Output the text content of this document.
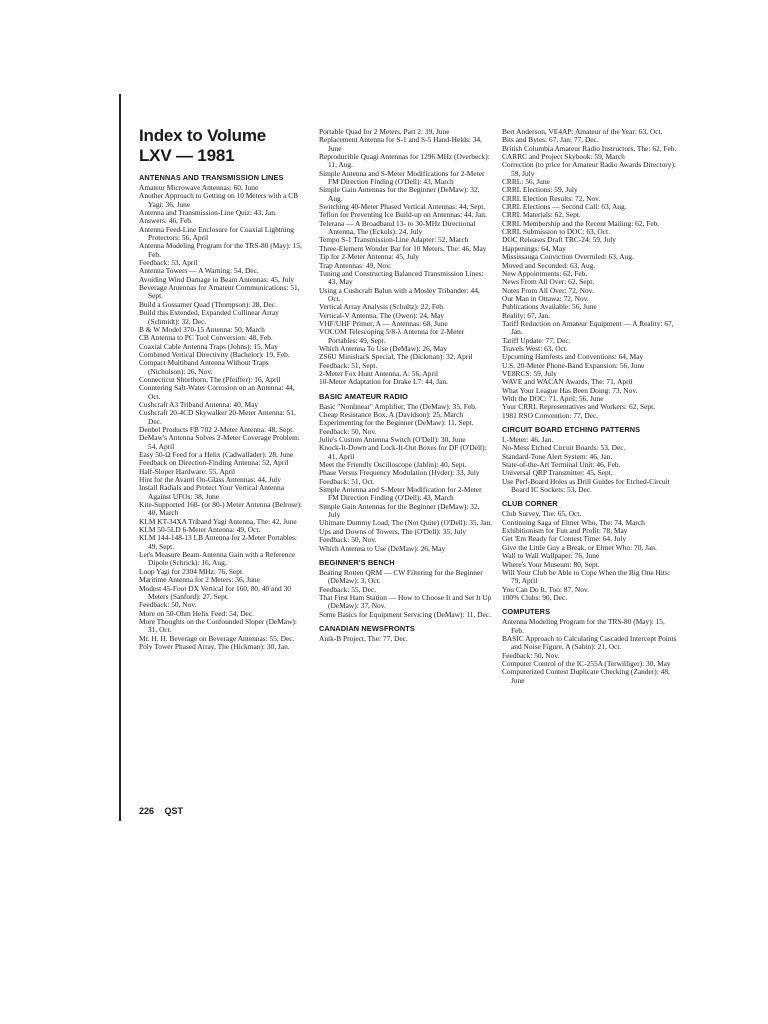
Index to Volume
LXV — 1981
ANTENNAS AND TRANSMISSION LINES
Amateur Microwave Antennas: 60, June
Another Approach to Getting on 10 Meters with a CB Yagi: 36, June
Antenna and Transmission-Line Quiz: 43, Jan.
Answers: 46, Feb.
Antenna Feed-Line Enclosure for Coaxial Lightning Protectors: 56, April
Antenna Modeling Program for the TRS-80 (May): 15, Feb.
Feedback: 53, April
Antenna Towers — A Warning: 54, Dec.
Avoiding Wind Damage to Beam Antennas: 45, July
Beverage Antennas for Amateur Communications: 51, Sept.
Build a Gossamer Quad (Thompson): 28, Dec.
Build this Extended, Expanded Collinear Array (Schmidt): 32, Dec.
B & W Model 370-15 Antenna: 50, March
CB Antenna to PC Tool Conversion: 48, Feb.
Coaxial Cable Antenna Traps (Johns): 15, May
Combined Vertical Directivity (Bachelor): 19, Feb.
Compact Multiband Antenna Without Traps (Nicholson): 26, Nov.
Connecticut Shorthorn, The (Pfeiffer): 16, April
Countering Salt-Water Corrosion on an Antenna: 44, Oct.
Cushcraft A3 Triband Antenna: 40, May
Cushcraft 20-4CD Skywalker 20-Meter Antenna: 51, Dec.
Denbel Products FB 702 2-Meter Antenna: 48, Sept.
DeMaw's Antenna Solves 2-Meter Coverage Problem: 54, April
Easy 50-Ω Feed for a Helix (Cadwallader): 28, June
Feedback on Direction-Finding Antenna: 52, April
Half-Sloper Hardware: 55, April
Hint for the Avanti On-Glass Antennas: 44, July
Install Radials and Protect Your Vertical Antenna Against UFOs: 38, June
Kite-Supported 160- (or 80-) Meter Antenna (Belrose): 40, March
KLM KT-34XA Triband Yagi Antenna, The: 42, June
KLM 50-5LD 6-Meter Antenna: 49, Oct.
KLM 144-148-13 LB Antenna for 2-Meter Portables: 49, Sept.
Let's Measure Beam-Antenna Gain with a Reference Dipole (Schrick): 16, Aug.
Loop Yagi for 2304 MHz: 76, Sept.
Maritime Antenna for 2 Meters: 36, June
Modest 45-Foot DX Vertical for 160, 80, 40 and 30 Meters (Sanford): 27, Sept.
Feedback: 50, Nov.
More on 50-Ohm Helix Feed: 54, Dec.
More Thoughts on the Confounded Sloper (DeMaw): 31, Oct.
Mr. H. H. Beverage on Beverage Antennas: 55, Dec.
Poly Tower Phased Array, The (Hickman): 30, Jan.
Portable Quad for 2 Meters, Part 2: 39, June
Replacement Antenna for S-1 and S-5 Hand-Helds: 34, June
Reproducible Quagi Antennas for 1296 MHz (Overbeck): 11, Aug.
Simple Antenna and S-Meter Modifications for 2-Meter FM Direction Finding (O'Dell): 43, March
Simple Gain Antennas for the Beginner (DeMaw): 32, Aug.
Switching 40-Meter Phased Vertical Antennas: 44, Sept.
Teflon for Preventing Ice Build-up on Antennas: 44, Jan.
Telerana — A Broadband 13- to 30-MHz Directional Antenna, The (Eckols): 24, July
Tempo S-1 Transmission-Line Adapter: 52, March
Three-Element Wonder Bar for 10 Meters, The: 46, May
Tip for 2-Meter Antenna: 45, July
Trap Antennas: 49, Nov.
Tuning and Constructing Balanced Transmission Lines: 43, May
Using a Cushcraft Balun with a Mosley Tribander: 44, Oct.
Vertical Array Analysis (Schultz): 22, Feb.
Vertical-V Antenna, The (Owen): 24, May
VHF/UHF Primer, A — Antennas: 68, June
VOCOM Telescoping 5/8-λ Antenna for 2-Meter Portables: 49, Sept.
Which Antenna To Use (DeMaw): 26, May
ZS6U Minishack Special, The (Dickman): 32, April
Feedback: 51, Sept.
2-Meter Fox Hunt Antenna, A: 56, April
10-Meter Adaptation for Drake L7: 44, Jan.
BASIC AMATEUR RADIO
Basic "Nonlinear" Amplifier, The (DeMaw): 35, Feb.
Cheap Resistance Box, A (Davidson): 25, March
Experimenting for the Beginner (DeMaw): 11, Sept.
Feedback: 50, Nov.
Julie's Custom Antenna Switch (O'Dell): 30, June
Knock-It-Down and Lock-It-Out Boxes for DF (O'Dell): 41, April
Meet the Friendly Oscilloscope (Jablin): 40, Sept.
Phase Versus Frequency Modulation (Hyder): 33, July
Feedback: 51, Oct.
Simple Antenna and S-Meter Modification for 2-Meter FM Direction Finding (O'Dell): 43, March
Simple Gain Antennas for the Beginner (DeMaw): 32, July
Ultimate Dummy Load, The (Not Quite) (O'Dell): 35, Jan.
Ups and Downs of Towers, The (O'Dell): 35, July
Feedback: 50, Nov.
Which Antenna to Use (DeMaw): 26, May
BEGINNER'S BENCH
Beating Rotten QRM — CW Filtering for the Beginner (DeMaw): 3, Oct.
Feedback: 55, Dec.
That First Ham Station — How to Choose It and Set It Up (DeMaw): 37, Nov.
Some Basics for Equipment Servicing (DeMaw): 11, Dec.
CANADIAN NEWSFRONTS
Anik-B Project, The: 77, Dec.
Bert Anderson, VE4AP: Amateur of the Year: 63, Oct.
Bits and Bytes: 67, Jan; 77, Dec.
British Columbia Amateur Radio Instructors, The: 62, Feb.
CARRC and Project Skybook: 59, March
Correction (to price for Amateur Radio Awards Directory): 59, July
CRRL: 56, June
CRRL Elections: 59, July
CRRL Election Results: 72, Nov.
CRRL Elections — Second Call: 63, Aug.
CRRL Materials: 62, Sept.
CRRL Membership and the Recent Mailing: 62, Feb.
CRRL Submission to DOC: 63, Oct.
DOC Releases Draft TRC-24: 59, July
Happenings: 64, May
Mississauga Conviction Overruled: 63, Aug.
Moved and Seconded: 63, Aug.
New Appointments: 62, Feb.
News From All Over: 62, Sept.
Notes From All Over: 72, Nov.
Our Man in Ottawa: 72, Nov.
Publications Available: 56, June
Reality: 67, Jan.
Tariff Reduction on Amateur Equipment — A Reality: 67, Jan.
Tariff Update: 77, Dec.
Travels West: 63, Oct.
Upcoming Hamfests and Conventions: 64, May
U.S. 20-Meter Phone-Band Expansion: 56, June
VE8RCS: 59, July
WAVE and WACAN Awards, The: 71, April
What Your League Has Been Doing: 73, Nov.
With the DOC: 71, April; 56, June
Your CRRL Representatives and Workers: 62, Sept.
1981 RSO Convention: 77, Dec.
CIRCUIT BOARD ETCHING PATTERNS
L-Meter: 46, Jan.
No-Mess Etched Circuit Boards: 53, Dec.
Standard-Tone Alert System: 46, Jan.
State-of-the-Art Terminal Unit: 46, Feb.
Universal QRP Transmitter: 45, Sept.
Use Perf-Board Holes as Drill Guides for Etched-Circuit Board IC Sockets: 53, Dec.
CLUB CORNER
Club Survey, The: 65, Oct.
Continuing Saga of Elmer Who, The: 74, March
Exhibitionism for Fun and Profit: 78, May
Get 'Em Ready for Contest Time: 64, July
Give the Little Guy a Break, or Elmer Who: 70, Jan.
Wall to Wall Wallpaper: 76, June
Where's Your Museum: 80, Sept.
Will Your Club be Able to Cope When the Big One Hits: 79, April
You Can Do It, Too: 87, Nov.
100% Clubs: 90, Dec.
COMPUTERS
Antenna Modeling Program for the TRS-80 (May): 15, Feb.
BASIC Approach to Calculating Cascaded Intercept Points and Noise Figure, A (Sabin): 21, Oct.
Feedback: 50, Nov.
Computer Control of the IC-255A (Terwilliger): 30, May
Computerized Contest Duplicate Checking (Zander): 48, June
226 QST
